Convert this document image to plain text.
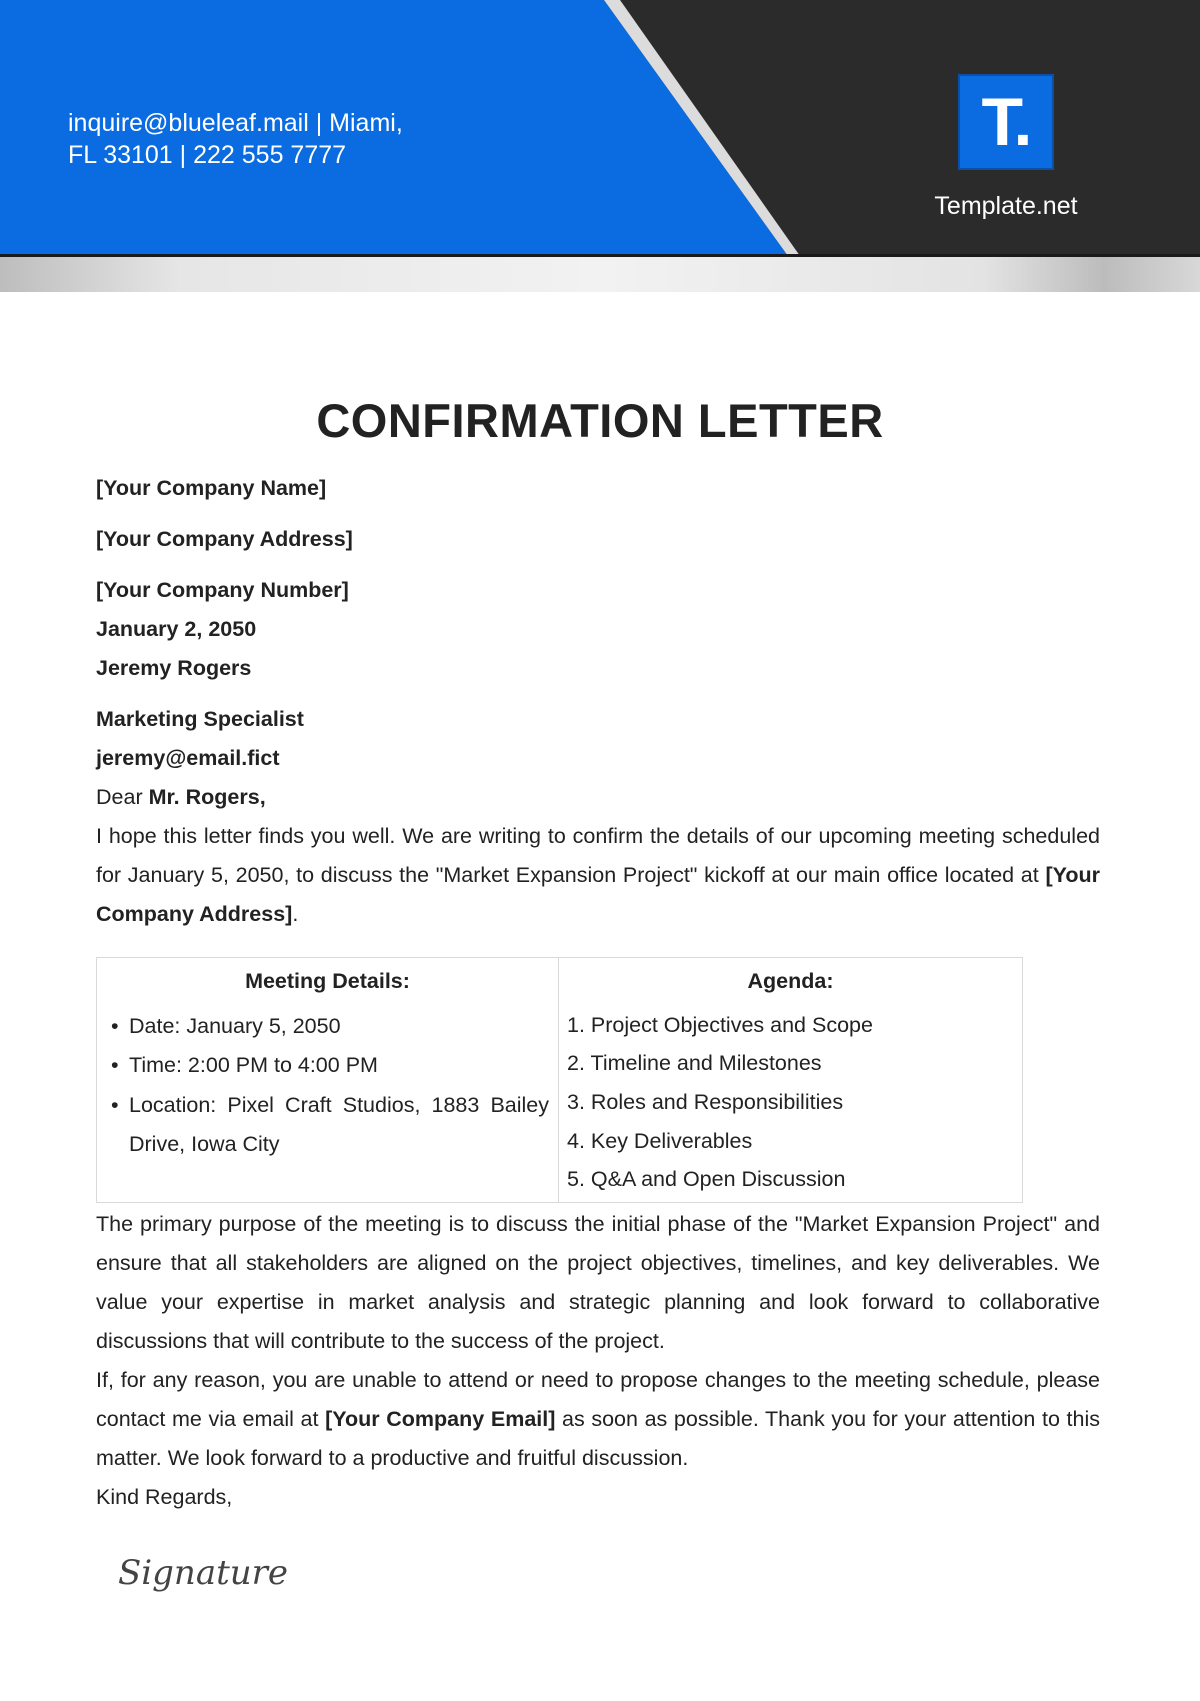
inquire@blueleaf.mail | Miami,
FL 33101 | 222 555 7777	T.
Template.net
CONFIRMATION LETTER
[Your Company Name]
[Your Company Address]
[Your Company Number]
January 2, 2050
Jeremy Rogers
Marketing Specialist
jeremy@email.fict
Dear Mr. Rogers,
I hope this letter finds you well. We are writing to confirm the details of our upcoming meeting scheduled for January 5, 2050, to discuss the "Market Expansion Project" kickoff at our main office located at [Your Company Address].
Meeting Details:
• Date: January 5, 2050
• Time: 2:00 PM to 4:00 PM
• Location: Pixel Craft Studios, 1883 Bailey Drive, Iowa City
Agenda:
1. Project Objectives and Scope
2. Timeline and Milestones
3. Roles and Responsibilities
4. Key Deliverables
5. Q&A and Open Discussion
The primary purpose of the meeting is to discuss the initial phase of the "Market Expansion Project" and ensure that all stakeholders are aligned on the project objectives, timelines, and key deliverables. We value your expertise in market analysis and strategic planning and look forward to collaborative discussions that will contribute to the success of the project.
If, for any reason, you are unable to attend or need to propose changes to the meeting schedule, please contact me via email at [Your Company Email] as soon as possible. Thank you for your attention to this matter. We look forward to a productive and fruitful discussion.
Kind Regards,
Signature
